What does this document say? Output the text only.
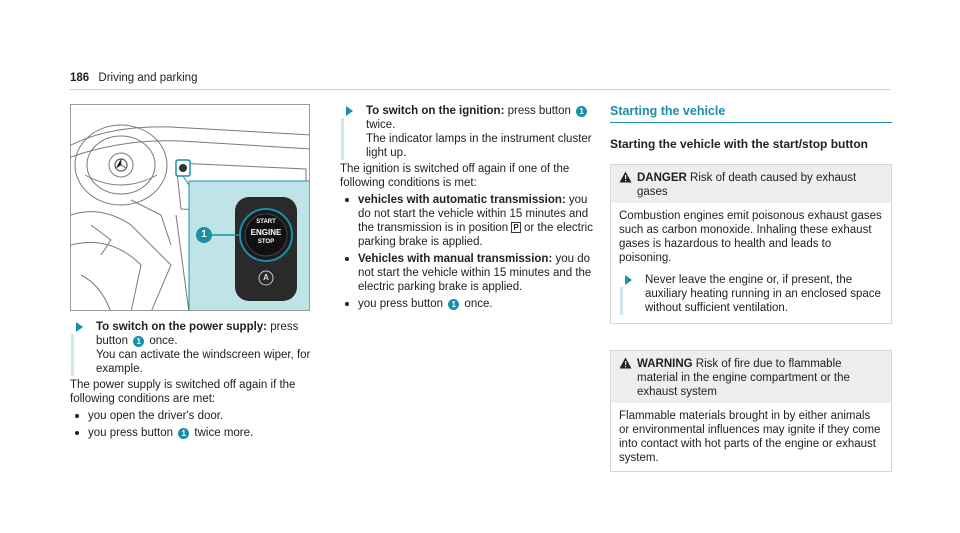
186 Driving and parking
1
START
ENGINE
STOP
A
To switch on the power supply: press button 1 once.
You can activate the windscreen wiper, for example.
The power supply is switched off again if the following conditions are met:
you open the driver's door.
you press button 1 twice more.
To switch on the ignition: press button 1 twice.
The indicator lamps in the instrument cluster light up.
The ignition is switched off again if one of the following conditions is met:
vehicles with automatic transmission: you do not start the vehicle within 15 minutes and the transmission is in position P or the electric parking brake is applied.
Vehicles with manual transmission: you do not start the vehicle within 15 minutes and the electric parking brake is applied.
you press button 1 once.
Starting the vehicle
Starting the vehicle with the start/stop button
DANGER Risk of death caused by exhaust gases
Combustion engines emit poisonous exhaust gases such as carbon monoxide. Inhaling these exhaust gases is hazardous to health and leads to poisoning.
Never leave the engine or, if present, the auxiliary heating running in an enclosed space without sufficient ventilation.
WARNING Risk of fire due to flammable material in the engine compartment or the exhaust system
Flammable materials brought in by either animals or environmental influences may ignite if they come into contact with hot parts of the engine or exhaust system.
